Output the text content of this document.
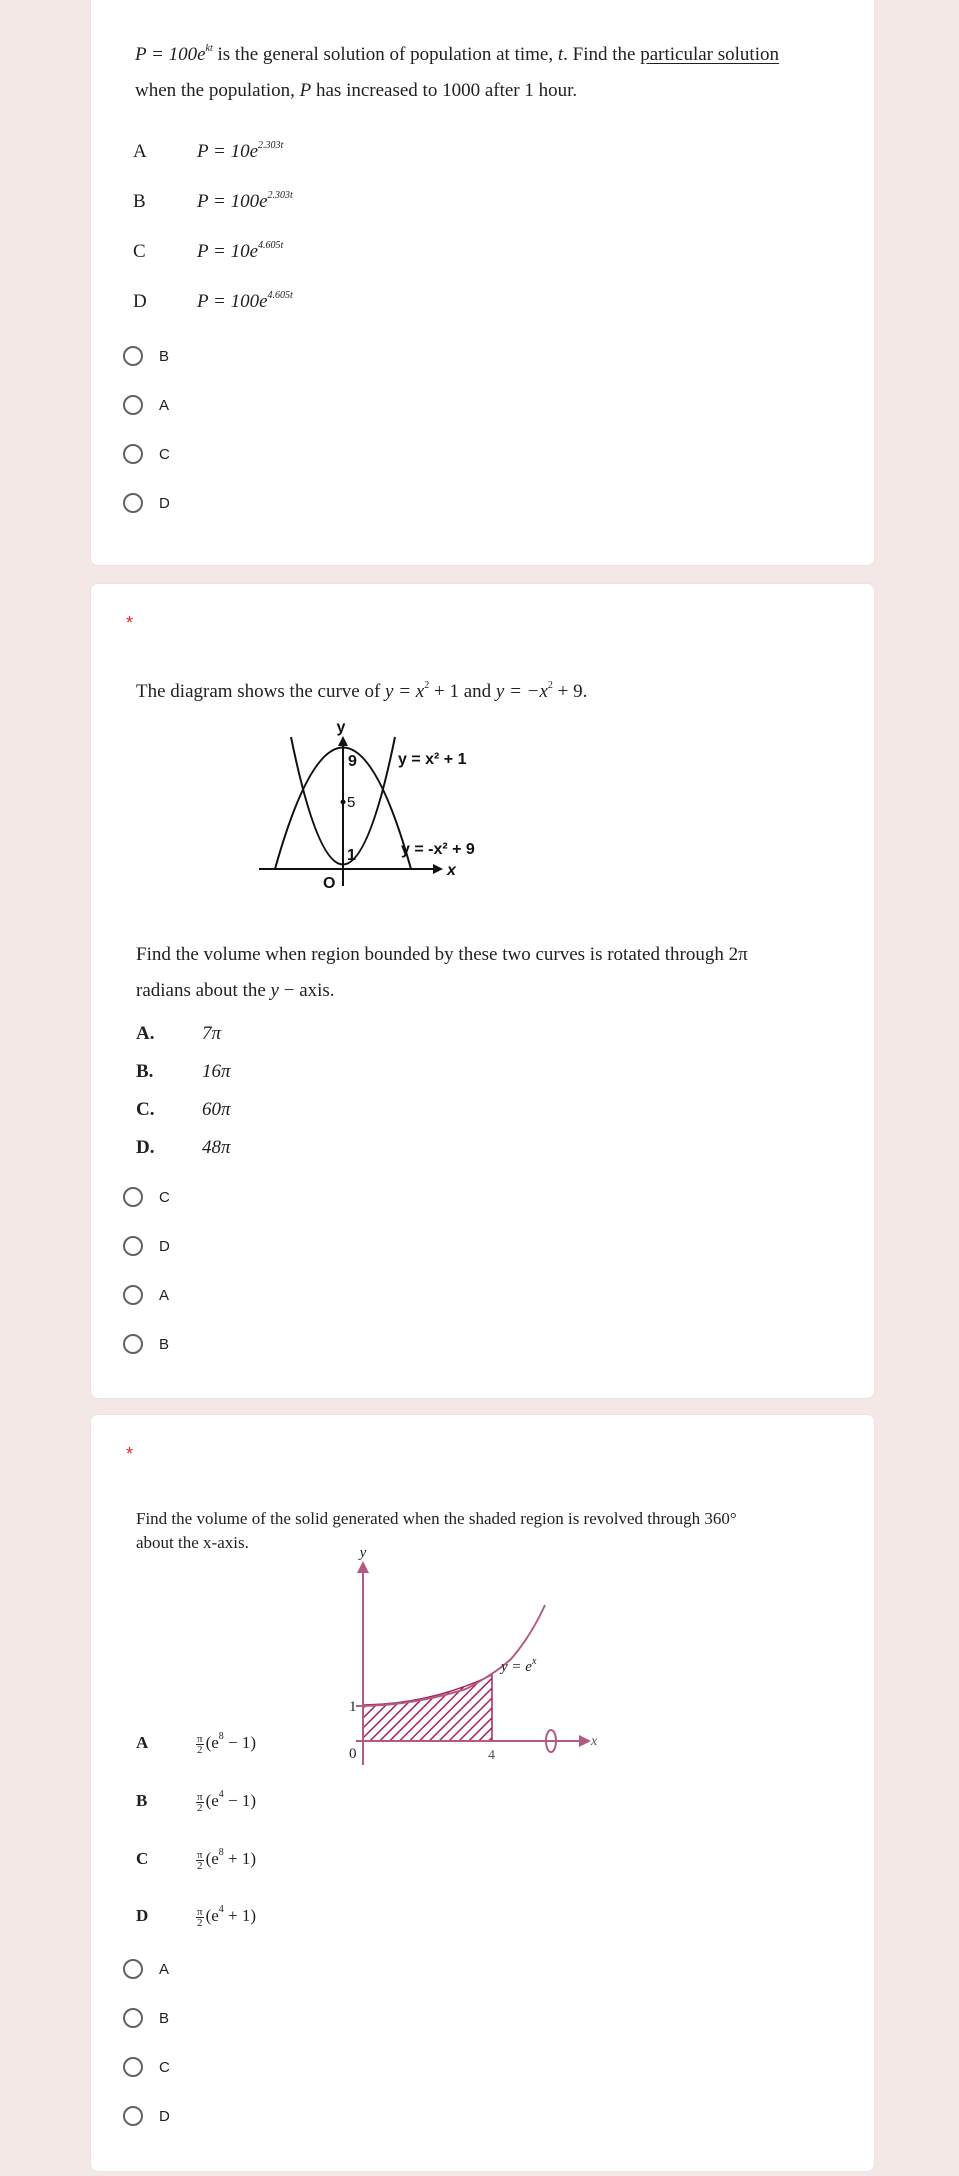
$P = 100e^{kt}$ is the general solution of population at time, t. Find the particular solution
when the population, P has increased to 1000 after 1 hour.
A	$P = 10e^{2.303t}$
B	$P = 100e^{2.303t}$
C	$P = 10e^{4.605t}$
D	$P = 100e^{4.605t}$
B
A
C
D
*
The diagram shows the curve of $y = x^2 + 1$ and $y = -x^2 + 9$.
y
x
O
9
5
1
y = x² + 1
y = -x² + 9
Find the volume when region bounded by these two curves is rotated through 2π
radians about the y − axis.
A.	7π
B.	16π
C.	60π
D.	48π
C
D
A
B
*
Find the volume of the solid generated when the shaded region is revolved through 360°
about the x-axis.
y
x
0
1
4
$y = e^x$
A	$\frac{\pi}{2} (e^8 - 1)$
B	$\frac{\pi}{2} (e^4 - 1)$
C	$\frac{\pi}{2} (e^8 + 1)$
D	$\frac{\pi}{2} (e^4 + 1)$
A
B
C
D
